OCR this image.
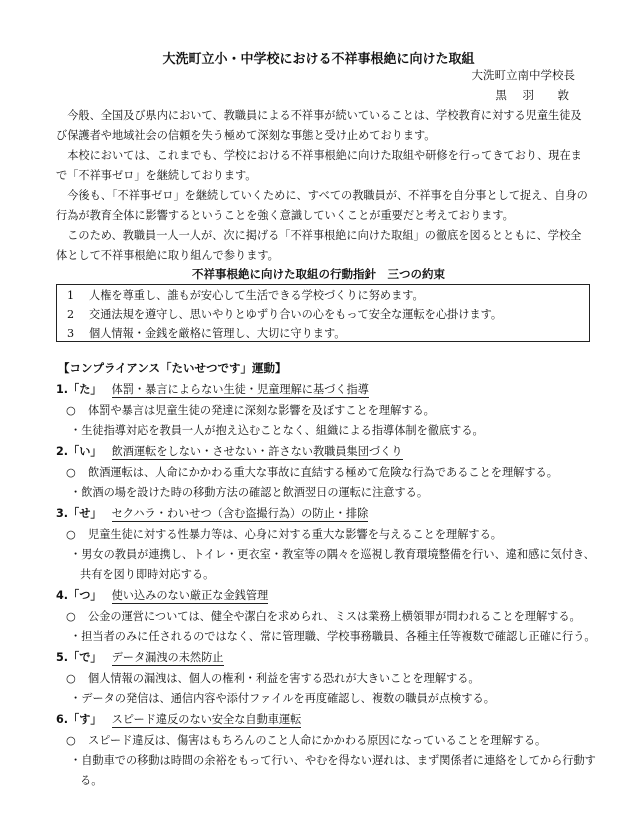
大洗町立小・中学校における不祥事根絶に向けた取組
大洗町立南中学校長
黒 羽　敦

今般、全国及び県内において、教職員による不祥事が続いていることは、学校教育に対する児童生徒及び保護者や地域社会の信頼を失う極めて深刻な事態と受け止めております。

本校においては、これまでも、学校における不祥事根絶に向けた取組や研修を行ってきており、現在まで「不祥事ゼロ」を継続しております。

今後も、「不祥事ゼロ」を継続していくために、すべての教職員が、不祥事を自分事として捉え、自身の行為が教育全体に影響するということを強く意識していくことが重要だと考えております。

このため、教職員一人一人が、次に掲げる「不祥事根絶に向けた取組」の徹底を図るとともに、学校全体として不祥事根絶に取り組んで参ります。

不祥事根絶に向けた取組の行動指針　三つの約束
1 人権を尊重し、誰もが安心して生活できる学校づくりに努めます。
2 交通法規を遵守し、思いやりとゆずり合いの心をもって安全な運転を心掛けます。
3 個人情報・金銭を厳格に管理し、大切に守ります。
【コンプライアンス「たいせつです」運動】
1.「た」 体罰・暴言によらない生徒・児童理解に基づく指導
○ 体罰や暴言は児童生徒の発達に深刻な影響を及ぼすことを理解する。
・生徒指導対応を教員一人が抱え込むことなく、組織による指導体制を徹底する。
2.「い」 飲酒運転をしない・させない・許さない教職員集団づくり
○ 飲酒運転は、人命にかかわる重大な事故に直結する極めて危険な行為であることを理解する。
・飲酒の場を設けた時の移動方法の確認と飲酒翌日の運転に注意する。
3.「せ」 セクハラ・わいせつ（含む盗撮行為）の防止・排除
○ 児童生徒に対する性暴力等は、心身に対する重大な影響を与えることを理解する。
・男女の教員が連携し、トイレ・更衣室・教室等の隅々を巡視し教育環境整備を行い、違和感に気付き、共有を図り即時対応する。
4.「つ」 使い込みのない厳正な金銭管理
○ 公金の運営については、健全や潔白を求められ、ミスは業務上横領罪が問われることを理解する。
・担当者のみに任されるのではなく、常に管理職、学校事務職員、各種主任等複数で確認し正確に行う。
5.「で」 データ漏洩の未然防止
○ 個人情報の漏洩は、個人の権利・利益を害する恐れが大きいことを理解する。
・データの発信は、通信内容や添付ファイルを再度確認し、複数の職員が点検する。
6.「す」 スピード違反のない安全な自動車運転
○ スピード違反は、傷害はもちろんのこと人命にかかわる原因になっていることを理解する。
・自動車での移動は時間の余裕をもって行い、やむを得ない遅れは、まず関係者に連絡をしてから行動する。
